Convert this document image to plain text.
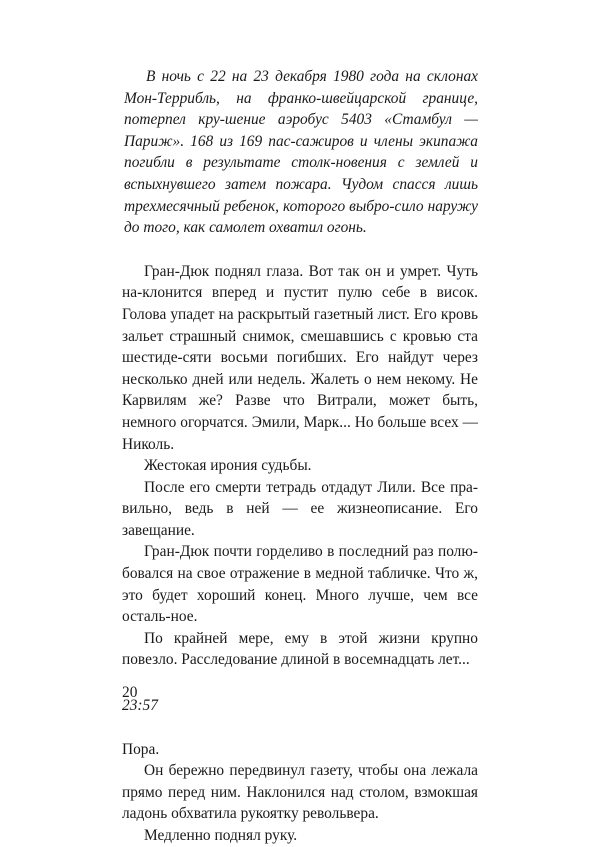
В ночь с 22 на 23 декабря 1980 года на склонах Мон-Террибль, на франко-швейцарской границе, потерпел кру-шение аэробус 5403 «Стамбул — Париж». 168 из 169 пас-сажиров и члены экипажа погибли в результате столк-новения с землей и вспыхнувшего затем пожара. Чудом спасся лишь трехмесячный ребенок, которого выбро-сило наружу до того, как самолет охватил огонь.

Гран-Дюк поднял глаза. Вот так он и умрет. Чуть на-клонится вперед и пустит пулю себе в висок. Голова упадет на раскрытый газетный лист. Его кровь зальет страшный снимок, смешавшись с кровью ста шестиде-сяти восьми погибших. Его найдут через несколько дней или недель. Жалеть о нем некому. Не Карвилям же? Разве что Витрали, может быть, немного огорчатся. Эмили, Марк... Но больше всех — Николь.

Жестокая ирония судьбы.

После его смерти тетрадь отдадут Лили. Все пра-вильно, ведь в ней — ее жизнеописание. Его завещание.

Гран-Дюк почти горделиво в последний раз полю-бовался на свое отражение в медной табличке. Что ж, это будет хороший конец. Много лучше, чем все осталь-ное.

По крайней мере, ему в этой жизни крупно повезло. Расследование длиной в восемнадцать лет...

23:57

Пора.

Он бережно передвинул газету, чтобы она лежала прямо перед ним. Наклонился над столом, взмокшая ладонь обхватила рукоятку револьвера.

Медленно поднял руку.

20
